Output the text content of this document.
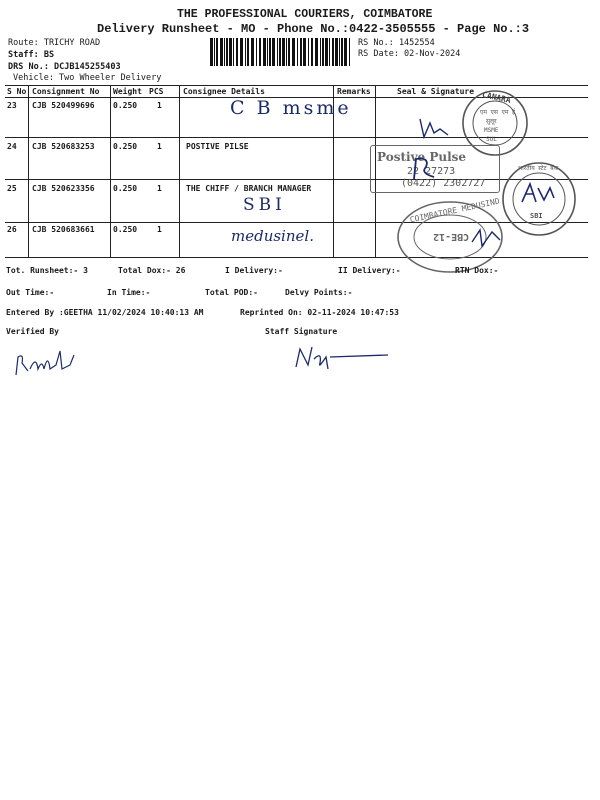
THE PROFESSIONAL COURIERS, COIMBATORE
Delivery Runsheet - MO - Phone No.:0422-3505555 - Page No.:3
Route: TRICHY ROAD
Staff: BS
DRS No.: DCJB145255403
Vehicle: Two Wheeler Delivery
RS No.: 1452554
RS Date: 02-Nov-2024
S No Consignment No Weight PCS Consignee Details	Remarks	Seal & Signature
23 CJB 520499696 0.250 1	C B msme
24 CJB 520683253 0.250 1	POSTIVE PILSE
25 CJB 520623356 0.250 1	THE CHIFF / BRANCH MANAGER
SBI
26 CJB 520683661 0.250 1	medusinel.
CANARA
एम एस एम ई
सुलूर
MSME
SUL
Postive Pulse
22 27273
(0422) 2302727
भारतीय स्टेट बैंक
SBI
COIMBATORE MEDUSIND
CBE-12
Tot. Runsheet:- 3	Total Dox:- 26	I Delivery:-	II Delivery:-	RTN Dox:-
Out Time:-	In Time:-	Total POD:-	Delvy Points:-
Entered By :GEETHA 11/02/2024 10:40:13 AM	Reprinted On: 02-11-2024 10:47:53
Verified By	Staff Signature
